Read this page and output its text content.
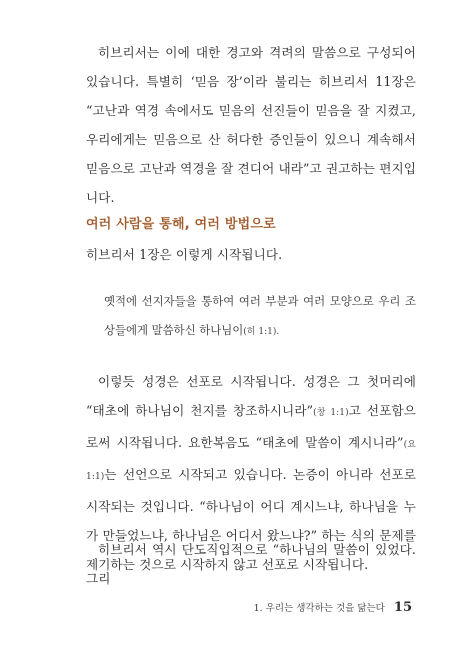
히브리서는 이에 대한 경고와 격려의 말씀으로 구성되어 있습니다. 특별히 ‘믿음 장’이라 불리는 히브리서 11장은 “고난과 역경 속에서도 믿음의 선진들이 믿음을 잘 지켰고, 우리에게는 믿음으로 산 허다한 증인들이 있으니 계속해서 믿음으로 고난과 역경을 잘 견디어 내라”고 권고하는 편지입니다.

여러 사람을 통해, 여러 방법으로

히브리서 1장은 이렇게 시작됩니다.

옛적에 선지자들을 통하여 여러 부분과 여러 모양으로 우리 조상들에게 말씀하신 하나님이(히 1:1).

이렇듯 성경은 선포로 시작됩니다. 성경은 그 첫머리에 “태초에 하나님이 천지를 창조하시니라”(창 1:1)고 선포함으로써 시작됩니다. 요한복음도 “태초에 말씀이 계시니라”(요 1:1)는 선언으로 시작되고 있습니다. 논증이 아니라 선포로 시작되는 것입니다. “하나님이 어디 계시느냐, 하나님을 누가 만들었느냐, 하나님은 어디서 왔느냐?” 하는 식의 문제를 제기하는 것으로 시작하지 않고 선포로 시작됩니다.

히브리서 역시 단도직입적으로 “하나님의 말씀이 있었다. 그리

1. 우리는 생각하는 것을 닮는다 15
